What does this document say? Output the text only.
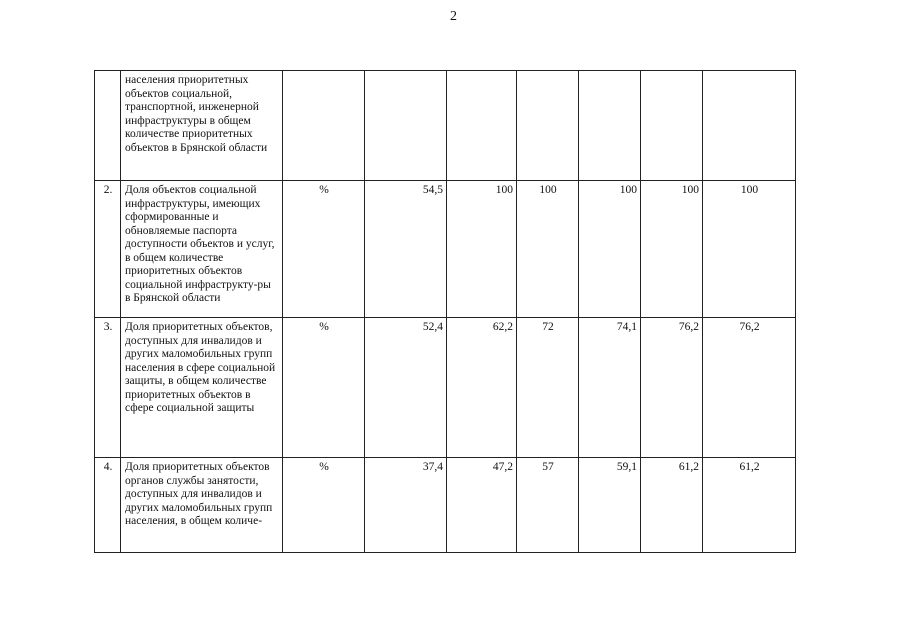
2
	населения приоритетных объектов социальной, транспортной, инженерной инфраструктуры в общем количестве приоритетных объектов в Брянской области							
2.	Доля объектов социальной инфраструктуры, имеющих сформированные и обновляемые паспорта доступности объектов и услуг, в общем количестве приоритетных объектов социальной инфраструкту-ры в Брянской области	%	54,5	100	100	100	100	100
3.	Доля приоритетных объектов, доступных для инвалидов и других маломобильных групп населения в сфере социальной защиты, в общем количестве приоритетных объектов в сфере социальной защиты	%	52,4	62,2	72	74,1	76,2	76,2
4.	Доля приоритетных объектов органов службы занятости, доступных для инвалидов и других маломобильных групп населения, в общем количе-	%	37,4	47,2	57	59,1	61,2	61,2
